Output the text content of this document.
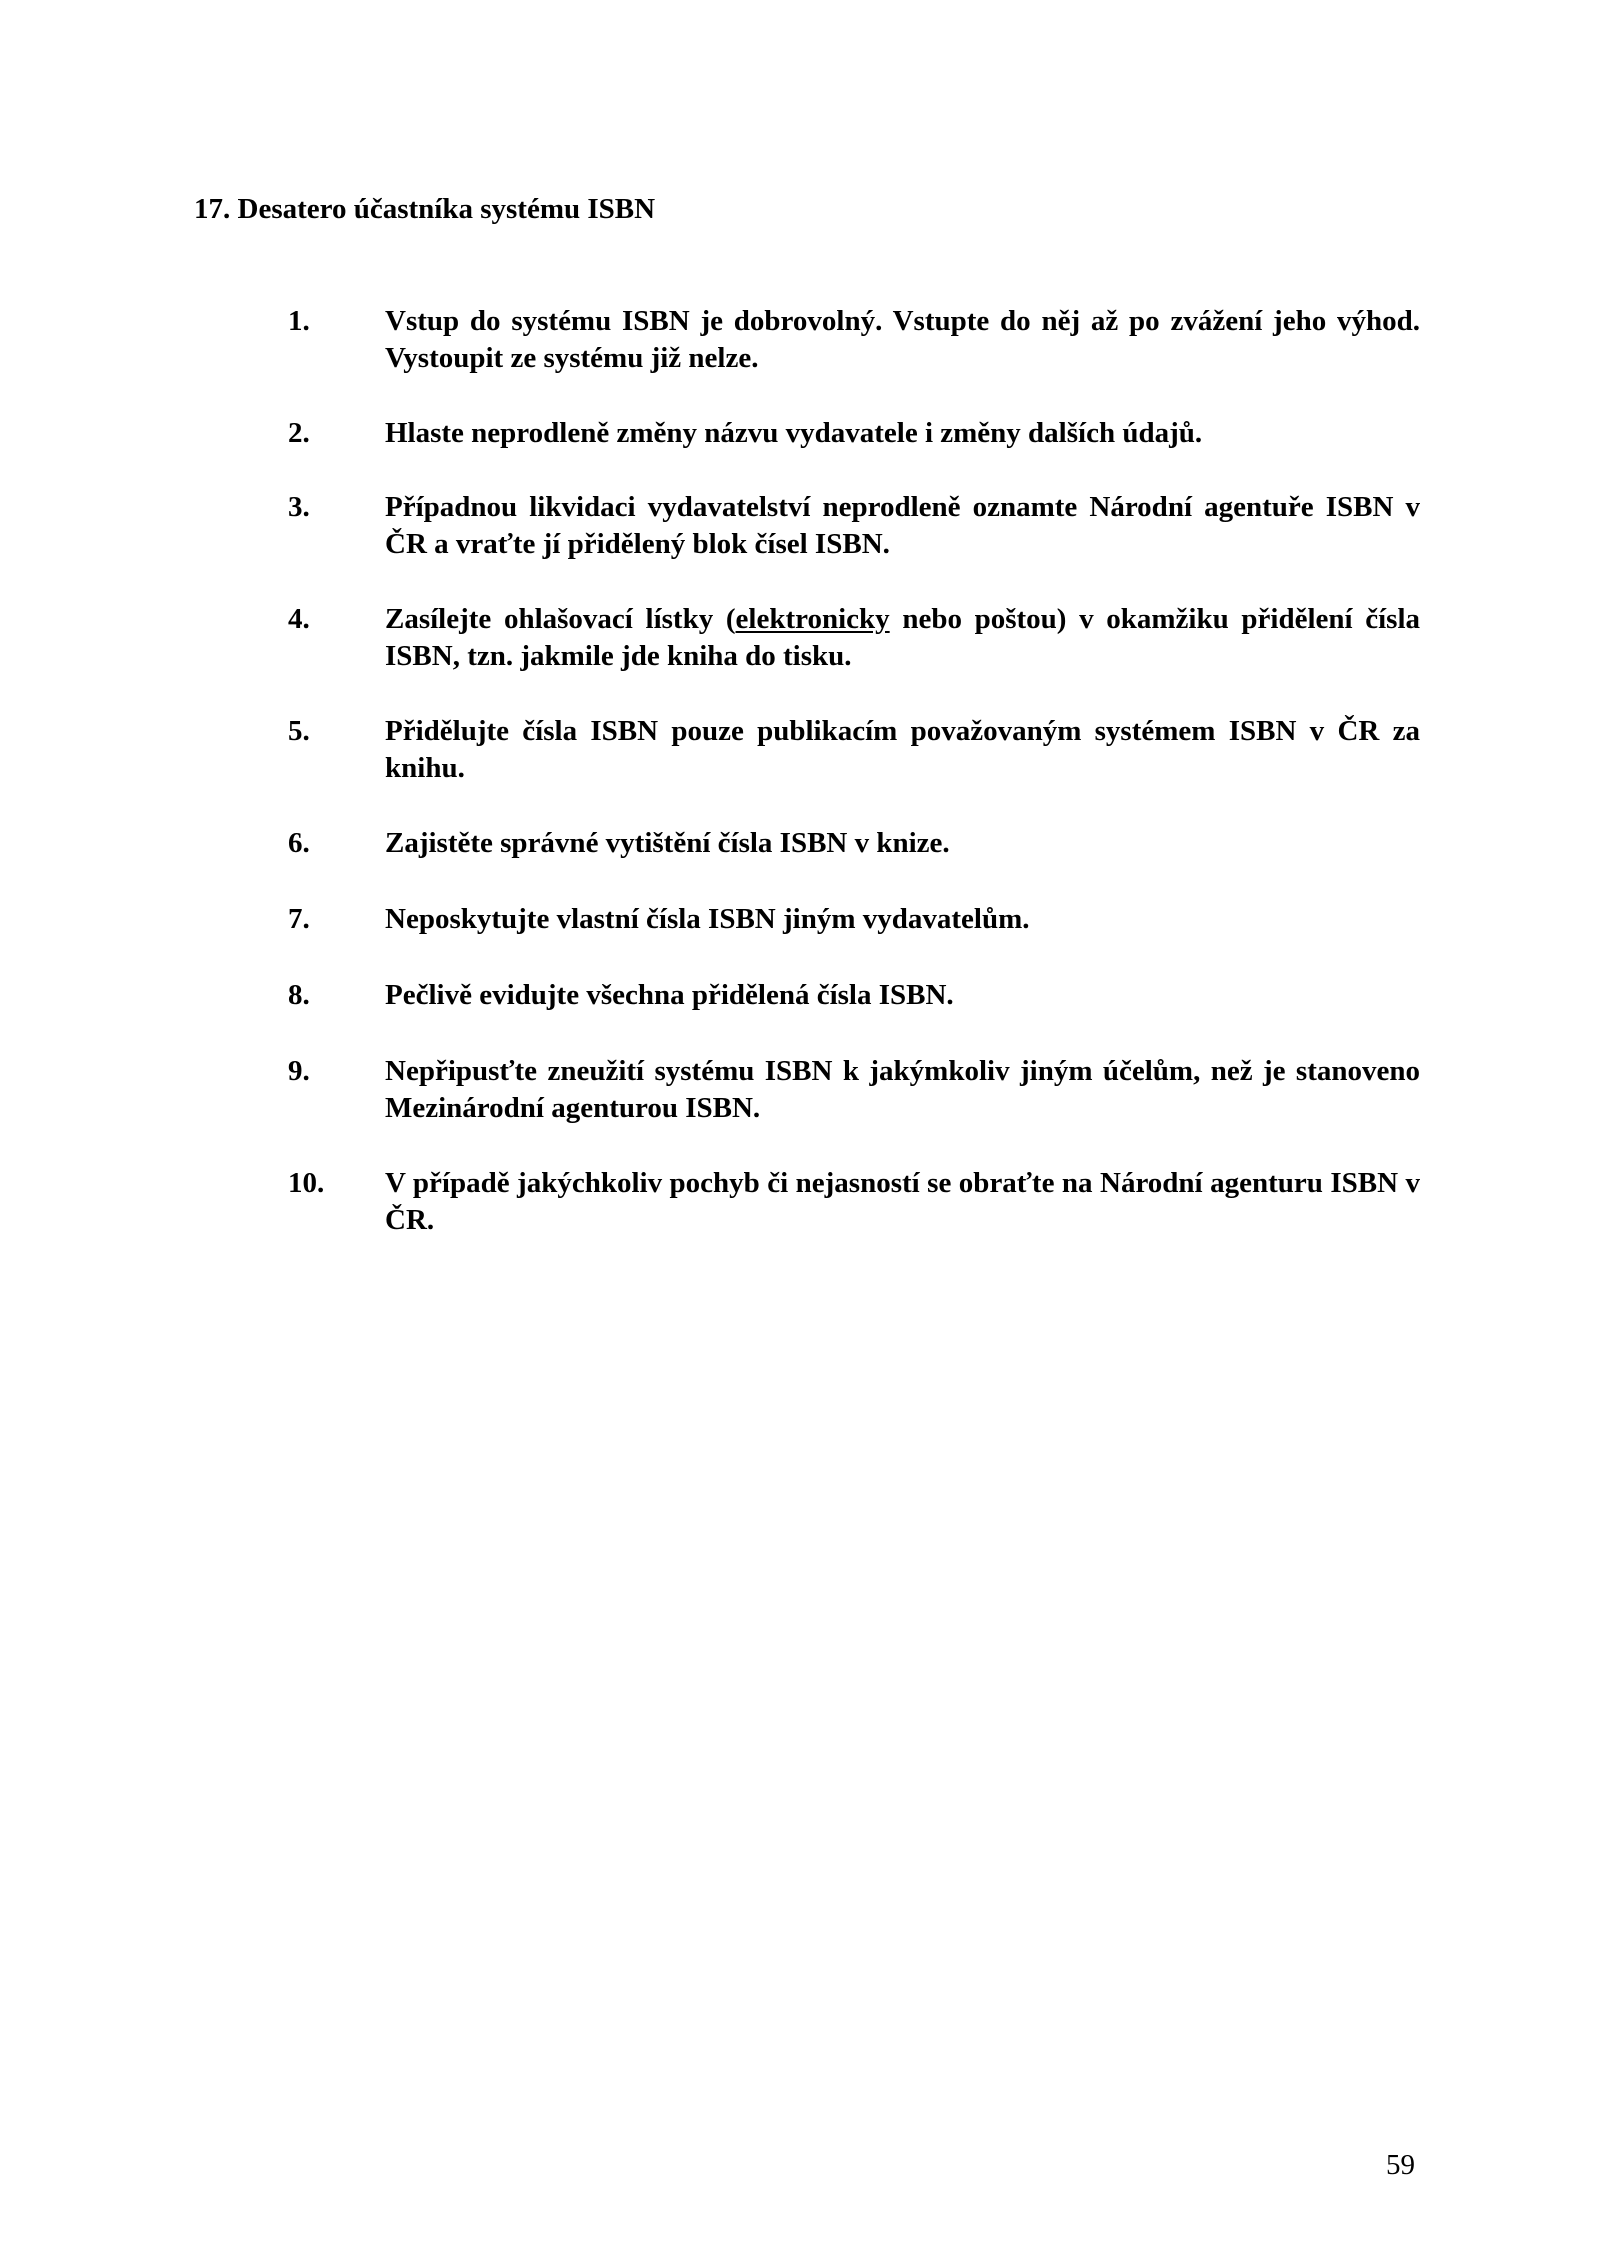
17. Desatero účastníka systému ISBN
1.	Vstup do systému ISBN je dobrovolný. Vstupte do něj až po zvážení jeho výhod. Vystoupit ze systému již nelze.
2.	Hlaste neprodleně změny názvu vydavatele i změny dalších údajů.
3.	Případnou likvidaci vydavatelství neprodleně oznamte Národní agentuře ISBN v ČR a vraťte jí přidělený blok čísel ISBN.
4.	Zasílejte ohlašovací lístky (elektronicky nebo poštou) v okamžiku přidělení čísla ISBN, tzn. jakmile jde kniha do tisku.
5.	Přidělujte čísla ISBN pouze publikacím považovaným systémem ISBN v ČR za knihu.
6.	Zajistěte správné vytištění čísla ISBN v knize.
7.	Neposkytujte vlastní čísla ISBN jiným vydavatelům.
8.	Pečlivě evidujte všechna přidělená čísla ISBN.
9.	Nepřipusťte zneužití systému ISBN k jakýmkoliv jiným účelům, než je stanoveno Mezinárodní agenturou ISBN.
10.	V případě jakýchkoliv pochyb či nejasností se obraťte na Národní agenturu ISBN v ČR.
59
